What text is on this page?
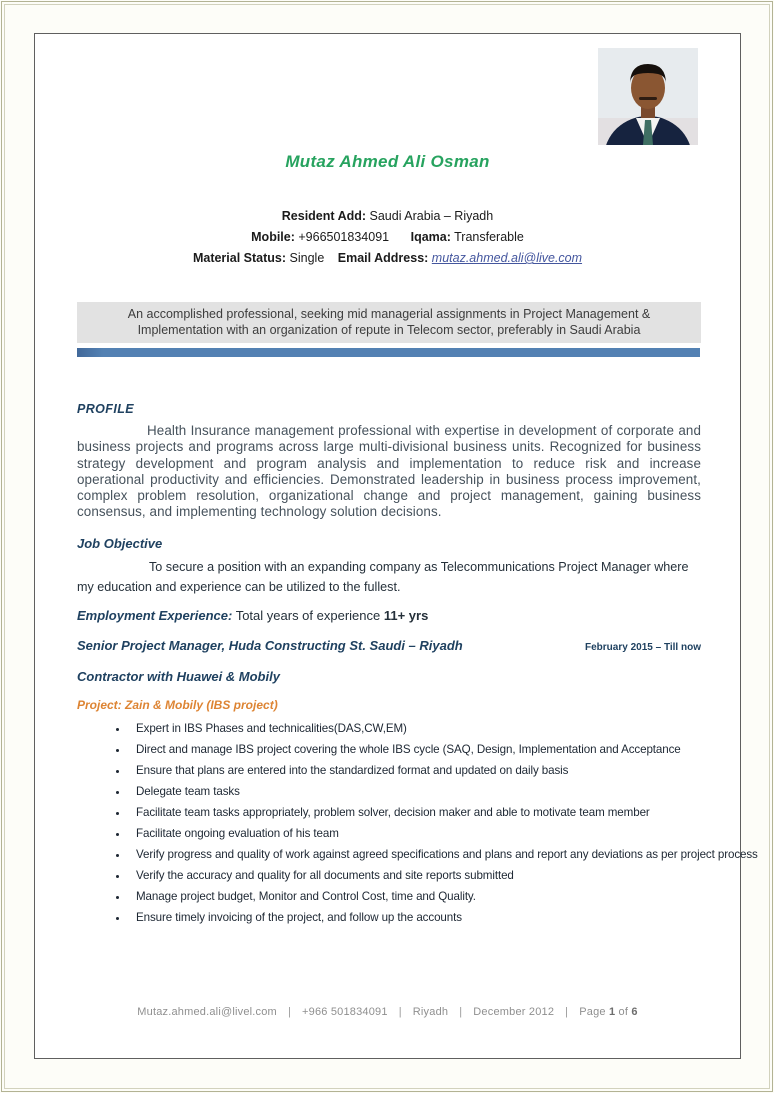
Mutaz Ahmed Ali Osman
Resident Add: Saudi Arabia – Riyadh
Mobile: +966501834091 Iqama: Transferable
Material Status: Single Email Address: mutaz.ahmed.ali@live.com
An accomplished professional, seeking mid managerial assignments in Project Management & Implementation with an organization of repute in Telecom sector, preferably in Saudi Arabia
PROFILE
Health Insurance management professional with expertise in development of corporate and business projects and programs across large multi-divisional business units. Recognized for business strategy development and program analysis and implementation to reduce risk and increase operational productivity and efficiencies. Demonstrated leadership in business process improvement, complex problem resolution, organizational change and project management, gaining business consensus, and implementing technology solution decisions.
Job Objective
To secure a position with an expanding company as Telecommunications Project Manager where my education and experience can be utilized to the fullest.
Employment Experience: Total years of experience 11+ yrs
Senior Project Manager, Huda Constructing St. Saudi – Riyadh	February 2015 – Till now
Contractor with Huawei & Mobily
Project: Zain & Mobily (IBS project)
• Expert in IBS Phases and technicalities(DAS,CW,EM)
• Direct and manage IBS project covering the whole IBS cycle (SAQ, Design, Implementation and Acceptance
• Ensure that plans are entered into the standardized format and updated on daily basis
• Delegate team tasks
• Facilitate team tasks appropriately, problem solver, decision maker and able to motivate team member
• Facilitate ongoing evaluation of his team
• Verify progress and quality of work against agreed specifications and plans and report any deviations as per project process
• Verify the accuracy and quality for all documents and site reports submitted
• Manage project budget, Monitor and Control Cost, time and Quality.
• Ensure timely invoicing of the project, and follow up the accounts
Mutaz.ahmed.ali@livel.com | +966 501834091 | Riyadh | December 2012 | Page 1 of 6
